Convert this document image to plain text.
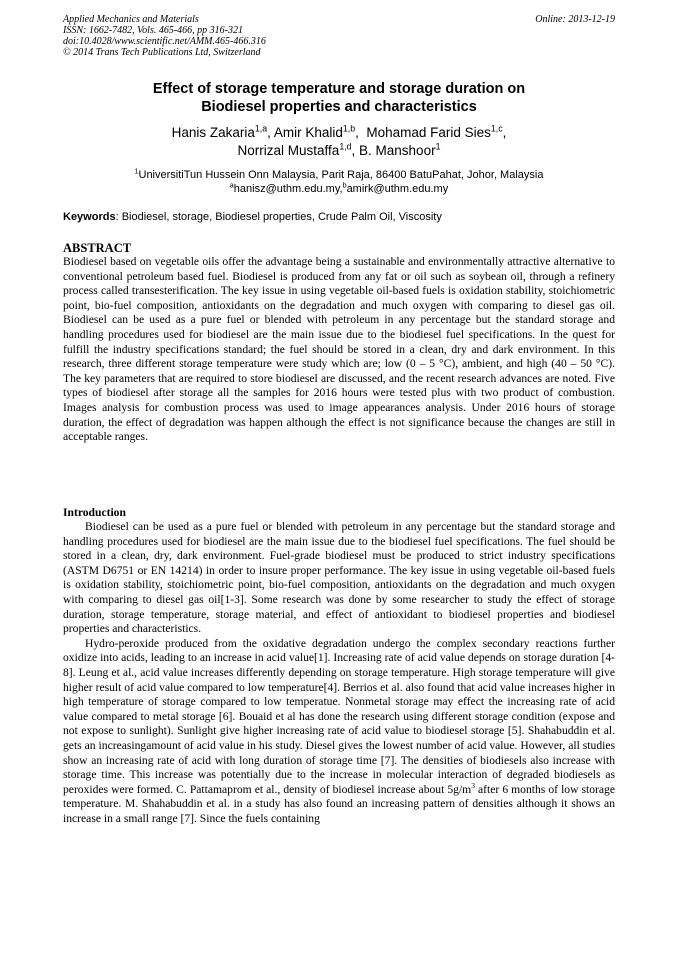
Applied Mechanics and Materials
ISSN: 1662-7482, Vols. 465-466, pp 316-321
doi:10.4028/www.scientific.net/AMM.465-466.316
© 2014 Trans Tech Publications Ltd, Switzerland
Online: 2013-12-19
Effect of storage temperature and storage duration on
Biodiesel properties and characteristics
Hanis Zakaria$^{1,a}$, Amir Khalid$^{1,b}$,  Mohamad Farid Sies$^{1,c}$,
Norrizal Mustaffa$^{1,d}$, B. Manshoor$^1$
$^1$UniversitiTun Hussein Onn Malaysia, Parit Raja, 86400 BatuPahat, Johor, Malaysia
$^a$hanisz@uthm.edu.my,$^b$amirk@uthm.edu.my
Keywords: Biodiesel, storage, Biodiesel properties, Crude Palm Oil, Viscosity
ABSTRACT

Biodiesel based on vegetable oils offer the advantage being a sustainable and environmentally attractive alternative to conventional petroleum based fuel. Biodiesel is produced from any fat or oil such as soybean oil, through a refinery process called transesterification. The key issue in using vegetable oil-based fuels is oxidation stability, stoichiometric point, bio-fuel composition, antioxidants on the degradation and much oxygen with comparing to diesel gas oil. Biodiesel can be used as a pure fuel or blended with petroleum in any percentage but the standard storage and handling procedures used for biodiesel are the main issue due to the biodiesel fuel specifications. In the quest for fulfill the industry specifications standard; the fuel should be stored in a clean, dry and dark environment. In this research, three different storage temperature were study which are; low (0 – 5 °C), ambient, and high (40 – 50 °C). The key parameters that are required to store biodiesel are discussed, and the recent research advances are noted. Five types of biodiesel after storage all the samples for 2016 hours were tested plus with two product of combustion. Images analysis for combustion process was used to image appearances analysis. Under 2016 hours of storage duration, the effect of degradation was happen although the effect is not significance because the changes are still in acceptable ranges.

Introduction

Biodiesel can be used as a pure fuel or blended with petroleum in any percentage but the standard storage and handling procedures used for biodiesel are the main issue due to the biodiesel fuel specifications. The fuel should be stored in a clean, dry, dark environment. Fuel-grade biodiesel must be produced to strict industry specifications (ASTM D6751 or EN 14214) in order to insure proper performance. The key issue in using vegetable oil-based fuels is oxidation stability, stoichiometric point, bio-fuel composition, antioxidants on the degradation and much oxygen with comparing to diesel gas oil[1-3]. Some research was done by some researcher to study the effect of storage duration, storage temperature, storage material, and effect of antioxidant to biodiesel properties and biodiesel properties and characteristics.

Hydro-peroxide produced from the oxidative degradation undergo the complex secondary reactions further oxidize into acids, leading to an increase in acid value[1]. Increasing rate of acid value depends on storage duration [4-8]. Leung et al., acid value increases differently depending on storage temperature. High storage temperature will give higher result of acid value compared to low temperature[4]. Berrios et al. also found that acid value increases higher in high temperature of storage compared to low temperatue. Nonmetal storage may effect the increasing rate of acid value compared to metal storage [6]. Bouaid et al has done the research using different storage condition (expose and not expose to sunlight). Sunlight give higher increasing rate of acid value to biodiesel storage [5]. Shahabuddin et al. gets an increasingamount of acid value in his study. Diesel gives the lowest number of acid value. However, all studies show an increasing rate of acid with long duration of storage time [7]. The densities of biodiesels also increase with storage time. This increase was potentially due to the increase in molecular interaction of degraded biodiesels as peroxides were formed. C. Pattamaprom et al., density of biodiesel increase about $5g/m^3$ after 6 months of low storage temperature. M. Shahabuddin et al. in a study has also found an increasing pattern of densities although it shows an increase in a small range [7]. Since the fuels containing
